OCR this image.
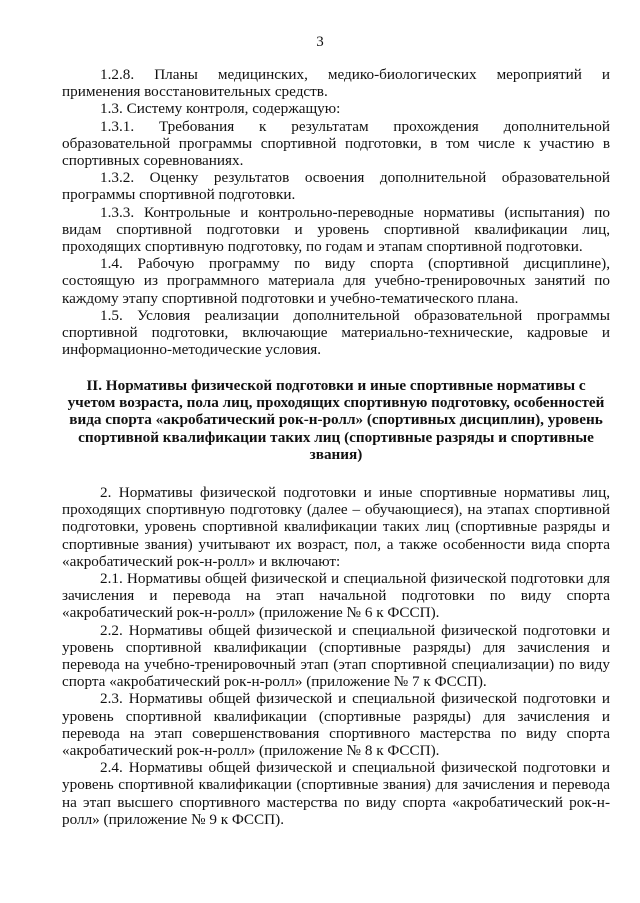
3

1.2.8. Планы медицинских, медико-биологических мероприятий и применения восстановительных средств.

1.3. Систему контроля, содержащую:

1.3.1. Требования к результатам прохождения дополнительной образовательной программы спортивной подготовки, в том числе к участию в спортивных соревнованиях.

1.3.2. Оценку результатов освоения дополнительной образовательной программы спортивной подготовки.

1.3.3. Контрольные и контрольно-переводные нормативы (испытания) по видам спортивной подготовки и уровень спортивной квалификации лиц, проходящих спортивную подготовку, по годам и этапам спортивной подготовки.

1.4. Рабочую программу по виду спорта (спортивной дисциплине), состоящую из программного материала для учебно-тренировочных занятий по каждому этапу спортивной подготовки и учебно-тематического плана.

1.5. Условия реализации дополнительной образовательной программы спортивной подготовки, включающие материально-технические, кадровые и информационно-методические условия.

II. Нормативы физической подготовки и иные спортивные нормативы с учетом возраста, пола лиц, проходящих спортивную подготовку, особенностей вида спорта «акробатический рок-н-ролл» (спортивных дисциплин), уровень спортивной квалификации таких лиц (спортивные разряды и спортивные звания)

2. Нормативы физической подготовки и иные спортивные нормативы лиц, проходящих спортивную подготовку (далее – обучающиеся), на этапах спортивной подготовки, уровень спортивной квалификации таких лиц (спортивные разряды и спортивные звания) учитывают их возраст, пол, а также особенности вида спорта «акробатический рок-н-ролл» и включают:

2.1. Нормативы общей физической и специальной физической подготовки для зачисления и перевода на этап начальной подготовки по виду спорта «акробатический рок-н-ролл» (приложение № 6 к ФССП).

2.2. Нормативы общей физической и специальной физической подготовки и уровень спортивной квалификации (спортивные разряды) для зачисления и перевода на учебно-тренировочный этап (этап спортивной специализации) по виду спорта «акробатический рок-н-ролл» (приложение № 7 к ФССП).

2.3. Нормативы общей физической и специальной физической подготовки и уровень спортивной квалификации (спортивные разряды) для зачисления и перевода на этап совершенствования спортивного мастерства по виду спорта «акробатический рок-н-ролл» (приложение № 8 к ФССП).

2.4. Нормативы общей физической и специальной физической подготовки и уровень спортивной квалификации (спортивные звания) для зачисления и перевода на этап высшего спортивного мастерства по виду спорта «акробатический рок-н-ролл» (приложение № 9 к ФССП).
